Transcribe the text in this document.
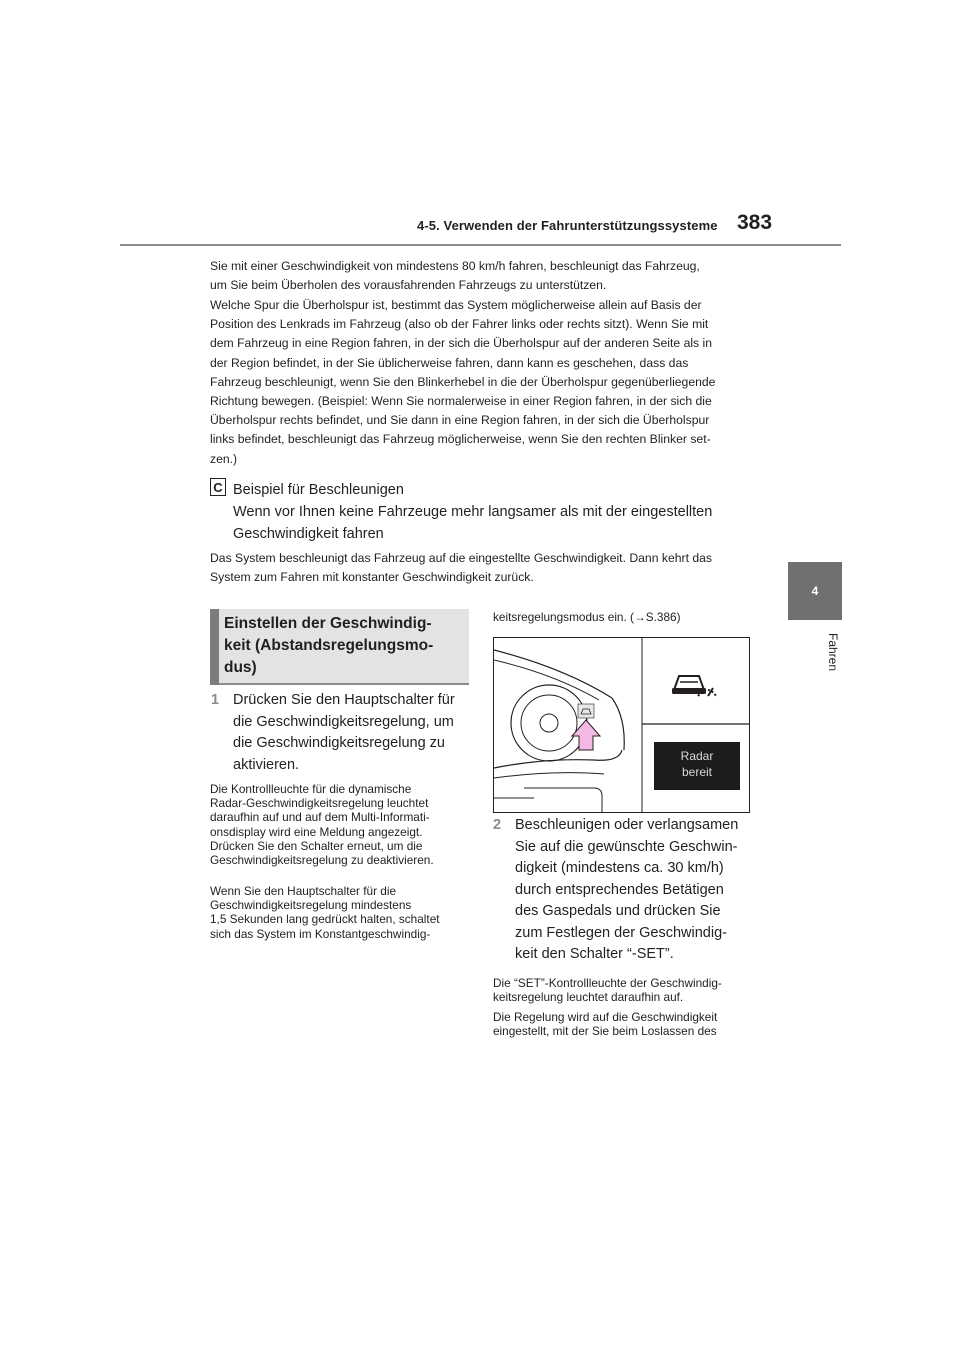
4-5. Verwenden der Fahrunterstützungssysteme 383
4
Fahren
Sie mit einer Geschwindigkeit von mindestens 80 km/h fahren, beschleunigt das Fahrzeug,
um Sie beim Überholen des vorausfahrenden Fahrzeugs zu unterstützen.
Welche Spur die Überholspur ist, bestimmt das System möglicherweise allein auf Basis der
Position des Lenkrads im Fahrzeug (also ob der Fahrer links oder rechts sitzt). Wenn Sie mit
dem Fahrzeug in eine Region fahren, in der sich die Überholspur auf der anderen Seite als in
der Region befindet, in der Sie üblicherweise fahren, dann kann es geschehen, dass das
Fahrzeug beschleunigt, wenn Sie den Blinkerhebel in die der Überholspur gegenüberliegende
Richtung bewegen. (Beispiel: Wenn Sie normalerweise in einer Region fahren, in der sich die
Überholspur rechts befindet, und Sie dann in eine Region fahren, in der sich die Überholspur
links befindet, beschleunigt das Fahrzeug möglicherweise, wenn Sie den rechten Blinker set-
zen.)
C Beispiel für Beschleunigen
Wenn vor Ihnen keine Fahrzeuge mehr langsamer als mit der eingestellten
Geschwindigkeit fahren
Das System beschleunigt das Fahrzeug auf die eingestellte Geschwindigkeit. Dann kehrt das
System zum Fahren mit konstanter Geschwindigkeit zurück.
Einstellen der Geschwindig-
keit (Abstandsregelungsmo-
dus)
1 Drücken Sie den Hauptschalter für
die Geschwindigkeitsregelung, um
die Geschwindigkeitsregelung zu
aktivieren.
Die Kontrollleuchte für die dynamische
Radar-Geschwindigkeitsregelung leuchtet
daraufhin auf und auf dem Multi-Informati-
onsdisplay wird eine Meldung angezeigt.
Drücken Sie den Schalter erneut, um die
Geschwindigkeitsregelung zu deaktivieren.
Wenn Sie den Hauptschalter für die
Geschwindigkeitsregelung mindestens
1,5 Sekunden lang gedrückt halten, schaltet
sich das System im Konstantgeschwindig-
keitsregelungsmodus ein. (→S.386)
Radar
bereit
2 Beschleunigen oder verlangsamen
Sie auf die gewünschte Geschwin-
digkeit (mindestens ca. 30 km/h)
durch entsprechendes Betätigen
des Gaspedals und drücken Sie
zum Festlegen der Geschwindig-
keit den Schalter “-SET”.
Die “SET”-Kontrollleuchte der Geschwindig-
keitsregelung leuchtet daraufhin auf.
Die Regelung wird auf die Geschwindigkeit
eingestellt, mit der Sie beim Loslassen des
